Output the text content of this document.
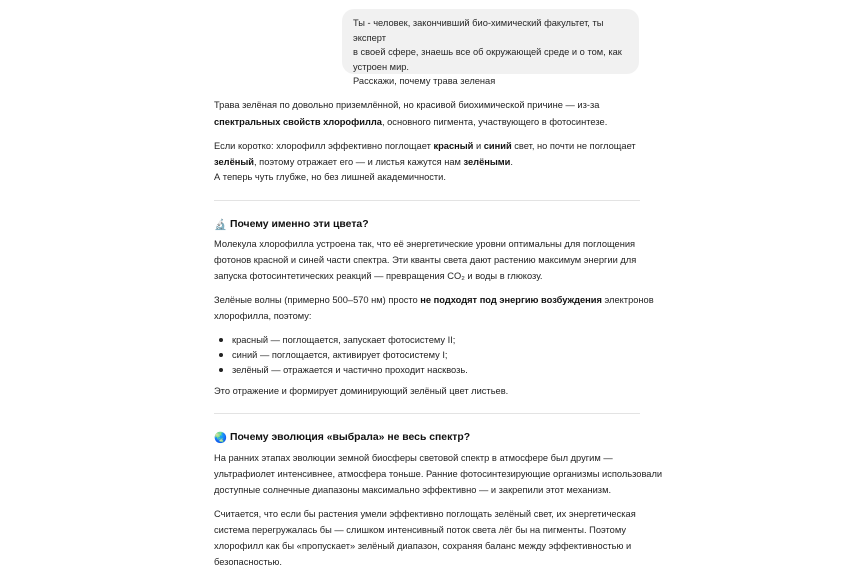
Ты - человек, закончивший био-химический факультет, ты эксперт

в своей сфере, знаешь все об окружающей среде и о том, как

устроен мир.

Расскажи, почему трава зеленая

Трава зелёная по довольно приземлённой, но красивой биохимической причине — из-за
спектральных свойств хлорофилла, основного пигмента, участвующего в фотосинтезе.
Если коротко: хлорофилл эффективно поглощает красный и синий свет, но почти не поглощает
зелёный, поэтому отражает его — и листья кажутся нам зелёными.
А теперь чуть глубже, но без лишней академичности.
🔬 Почему именно эти цвета?
Молекула хлорофилла устроена так, что её энергетические уровни оптимальны для поглощения
фотонов красной и синей части спектра. Эти кванты света дают растению максимум энергии для
запуска фотосинтетических реакций — превращения CO₂ и воды в глюкозу.
Зелёные волны (примерно 500–570 нм) просто не подходят под энергию возбуждения электронов
хлорофилла, поэтому:
красный — поглощается, запускает фотосистему II;
синий — поглощается, активирует фотосистему I;
зелёный — отражается и частично проходит насквозь.
Это отражение и формирует доминирующий зелёный цвет листьев.
🌏 Почему эволюция «выбрала» не весь спектр?
На ранних этапах эволюции земной биосферы световой спектр в атмосфере был другим —
ультрафиолет интенсивнее, атмосфера тоньше. Ранние фотосинтезирующие организмы использовали
доступные солнечные диапазоны максимально эффективно — и закрепили этот механизм.
Считается, что если бы растения умели эффективно поглощать зелёный свет, их энергетическая
система перегружалась бы — слишком интенсивный поток света лёг бы на пигменты. Поэтому
хлорофилл как бы «пропускает» зелёный диапазон, сохраняя баланс между эффективностью и
безопасностью.
